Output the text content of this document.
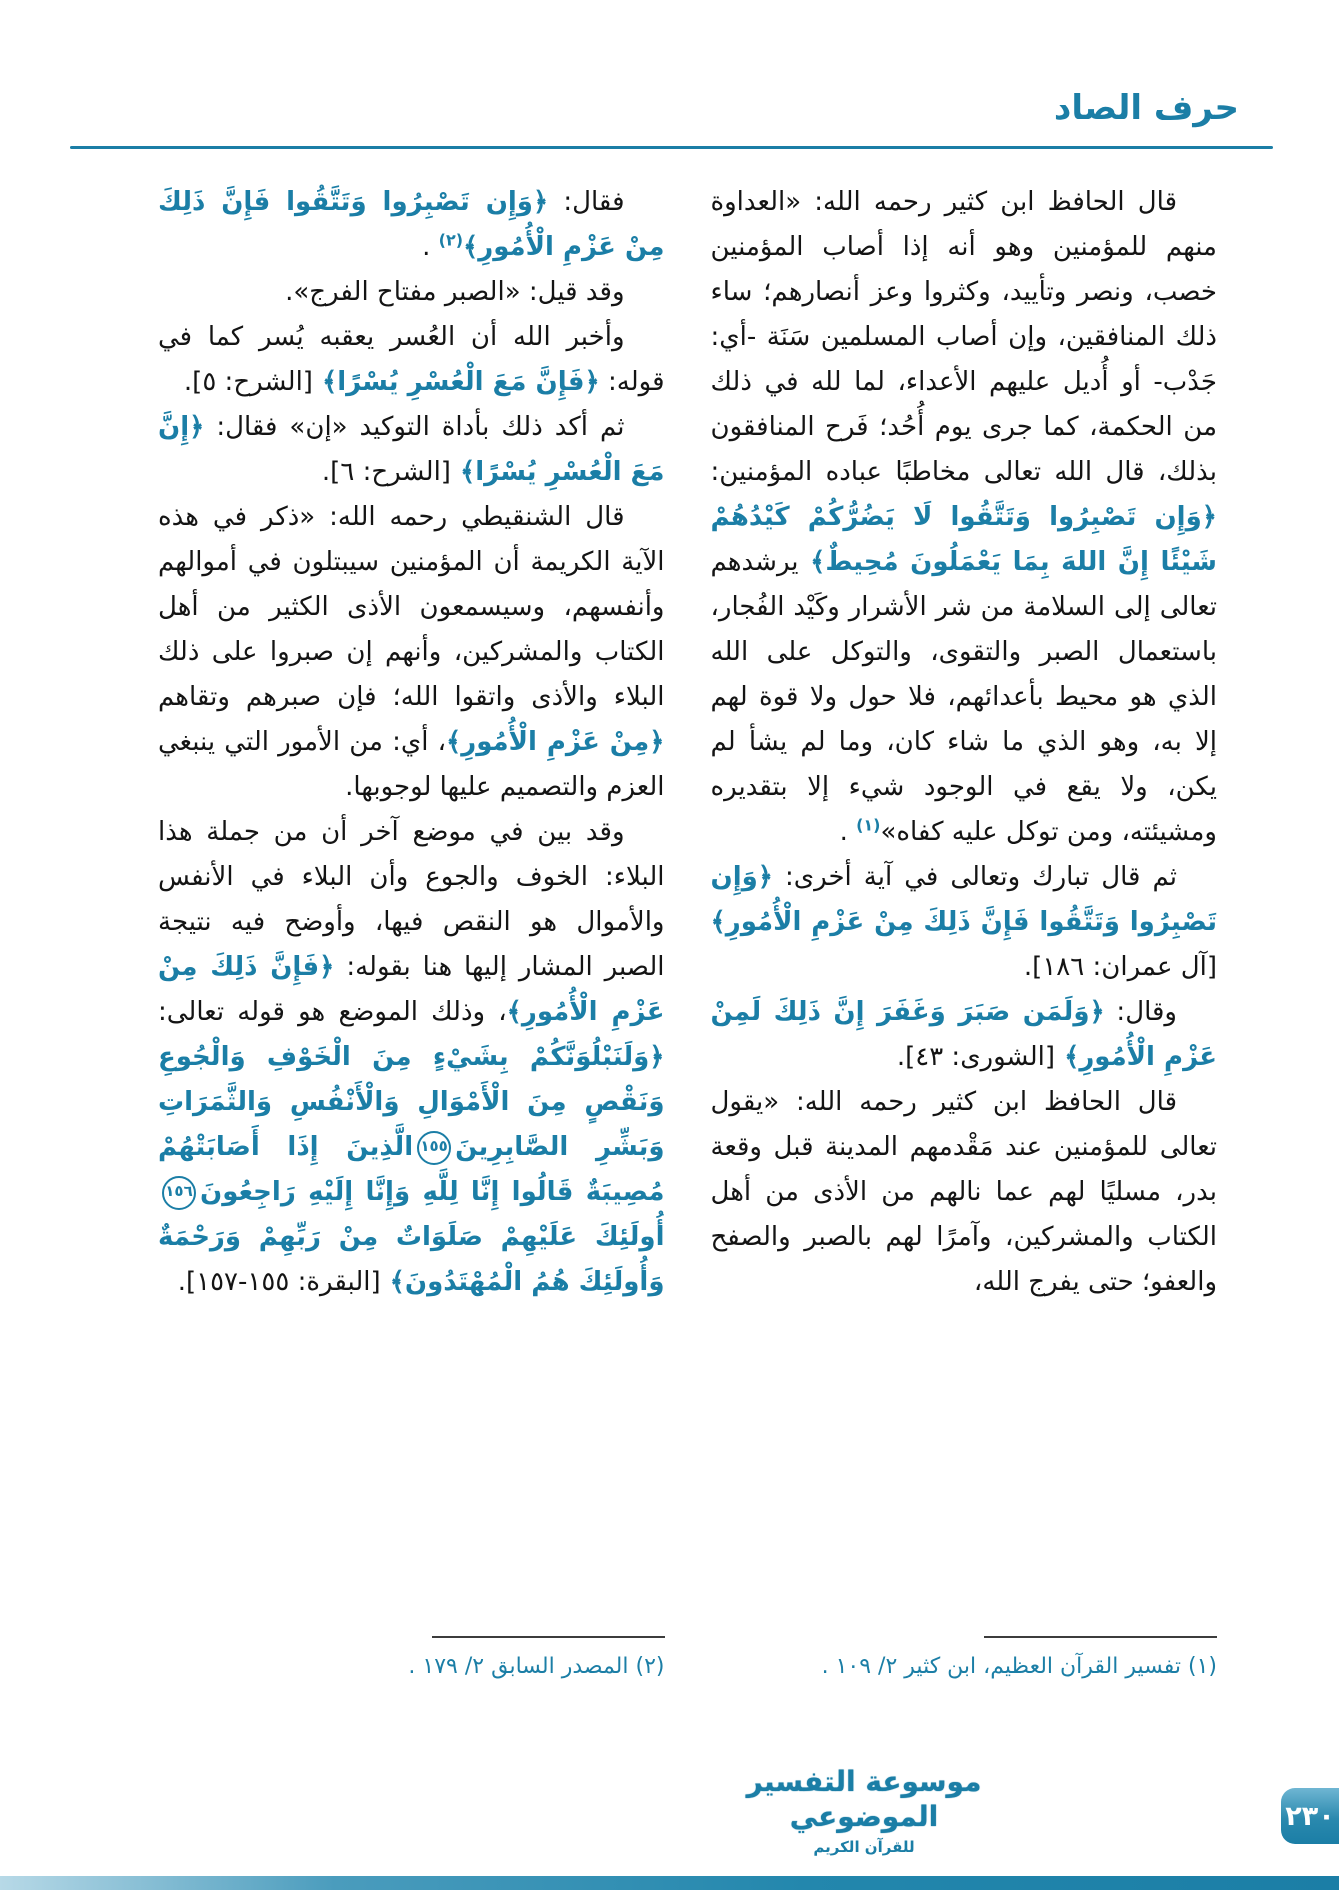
حرف الصاد

قال الحافظ ابن كثير رحمه الله: «العداوة منهم للمؤمنين وهو أنه إذا أصاب المؤمنين خصب، ونصر وتأييد، وكثروا وعز أنصارهم؛ ساء ذلك المنافقين، وإن أصاب المسلمين سَنَة -أي: جَدْب- أو أُديل عليهم الأعداء، لما لله في ذلك من الحكمة، كما جرى يوم أُحُد؛ فَرح المنافقون بذلك، قال الله تعالى مخاطبًا عباده المؤمنين: ﴿وَإِن تَصْبِرُوا وَتَتَّقُوا لَا يَضُرُّكُمْ كَيْدُهُمْ شَيْئًا إِنَّ اللهَ بِمَا يَعْمَلُونَ مُحِيطٌ﴾ يرشدهم تعالى إلى السلامة من شر الأشرار وكَيْد الفُجار، باستعمال الصبر والتقوى، والتوكل على الله الذي هو محيط بأعدائهم، فلا حول ولا قوة لهم إلا به، وهو الذي ما شاء كان، وما لم يشأ لم يكن، ولا يقع في الوجود شيء إلا بتقديره ومشيئته، ومن توكل عليه كفاه»$^{(١)}$ .

ثم قال تبارك وتعالى في آية أخرى: ﴿وَإِن تَصْبِرُوا وَتَتَّقُوا فَإِنَّ ذَلِكَ مِنْ عَزْمِ الْأُمُورِ﴾ [آل عمران: ١٨٦].

وقال: ﴿وَلَمَن صَبَرَ وَغَفَرَ إِنَّ ذَلِكَ لَمِنْ عَزْمِ الْأُمُورِ﴾ [الشورى: ٤٣].

قال الحافظ ابن كثير رحمه الله: «يقول تعالى للمؤمنين عند مَقْدمهم المدينة قبل وقعة بدر، مسليًا لهم عما نالهم من الأذى من أهل الكتاب والمشركين، وآمرًا لهم بالصبر والصفح والعفو؛ حتى يفرج الله،

فقال: ﴿وَإِن تَصْبِرُوا وَتَتَّقُوا فَإِنَّ ذَلِكَ مِنْ عَزْمِ الْأُمُورِ﴾$^{(٢)}$ .

وقد قيل: «الصبر مفتاح الفرج».

وأخبر الله أن العُسر يعقبه يُسر كما في قوله: ﴿فَإِنَّ مَعَ الْعُسْرِ يُسْرًا﴾ [الشرح: ٥].

ثم أكد ذلك بأداة التوكيد «إن» فقال: ﴿إِنَّ مَعَ الْعُسْرِ يُسْرًا﴾ [الشرح: ٦].

قال الشنقيطي رحمه الله: «ذكر في هذه الآية الكريمة أن المؤمنين سيبتلون في أموالهم وأنفسهم، وسيسمعون الأذى الكثير من أهل الكتاب والمشركين، وأنهم إن صبروا على ذلك البلاء والأذى واتقوا الله؛ فإن صبرهم وتقاهم ﴿مِنْ عَزْمِ الْأُمُورِ﴾، أي: من الأمور التي ينبغي العزم والتصميم عليها لوجوبها.

وقد بين في موضع آخر أن من جملة هذا البلاء: الخوف والجوع وأن البلاء في الأنفس والأموال هو النقص فيها، وأوضح فيه نتيجة الصبر المشار إليها هنا بقوله: ﴿فَإِنَّ ذَلِكَ مِنْ عَزْمِ الْأُمُورِ﴾، وذلك الموضع هو قوله تعالى: ﴿وَلَنَبْلُوَنَّكُمْ بِشَيْءٍ مِنَ الْخَوْفِ وَالْجُوعِ وَنَقْصٍ مِنَ الْأَمْوَالِ وَالْأَنْفُسِ وَالثَّمَرَاتِ وَبَشِّرِ الصَّابِرِينَ١٥٥الَّذِينَ إِذَا أَصَابَتْهُمْ مُصِيبَةٌ قَالُوا إِنَّا لِلَّهِ وَإِنَّا إِلَيْهِ رَاجِعُونَ١٥٦أُولَئِكَ عَلَيْهِمْ صَلَوَاتٌ مِنْ رَبِّهِمْ وَرَحْمَةٌ وَأُولَئِكَ هُمُ الْمُهْتَدُونَ﴾ [البقرة: ١٥٥-١٥٧].

(١) تفسير القرآن العظيم، ابن كثير ٢/ ١٠٩ .
(٢) المصدر السابق ٢/ ١٧٩ .
موسوعة التفسير الموضوعي
للقرآن الكريم
٢٣٠
